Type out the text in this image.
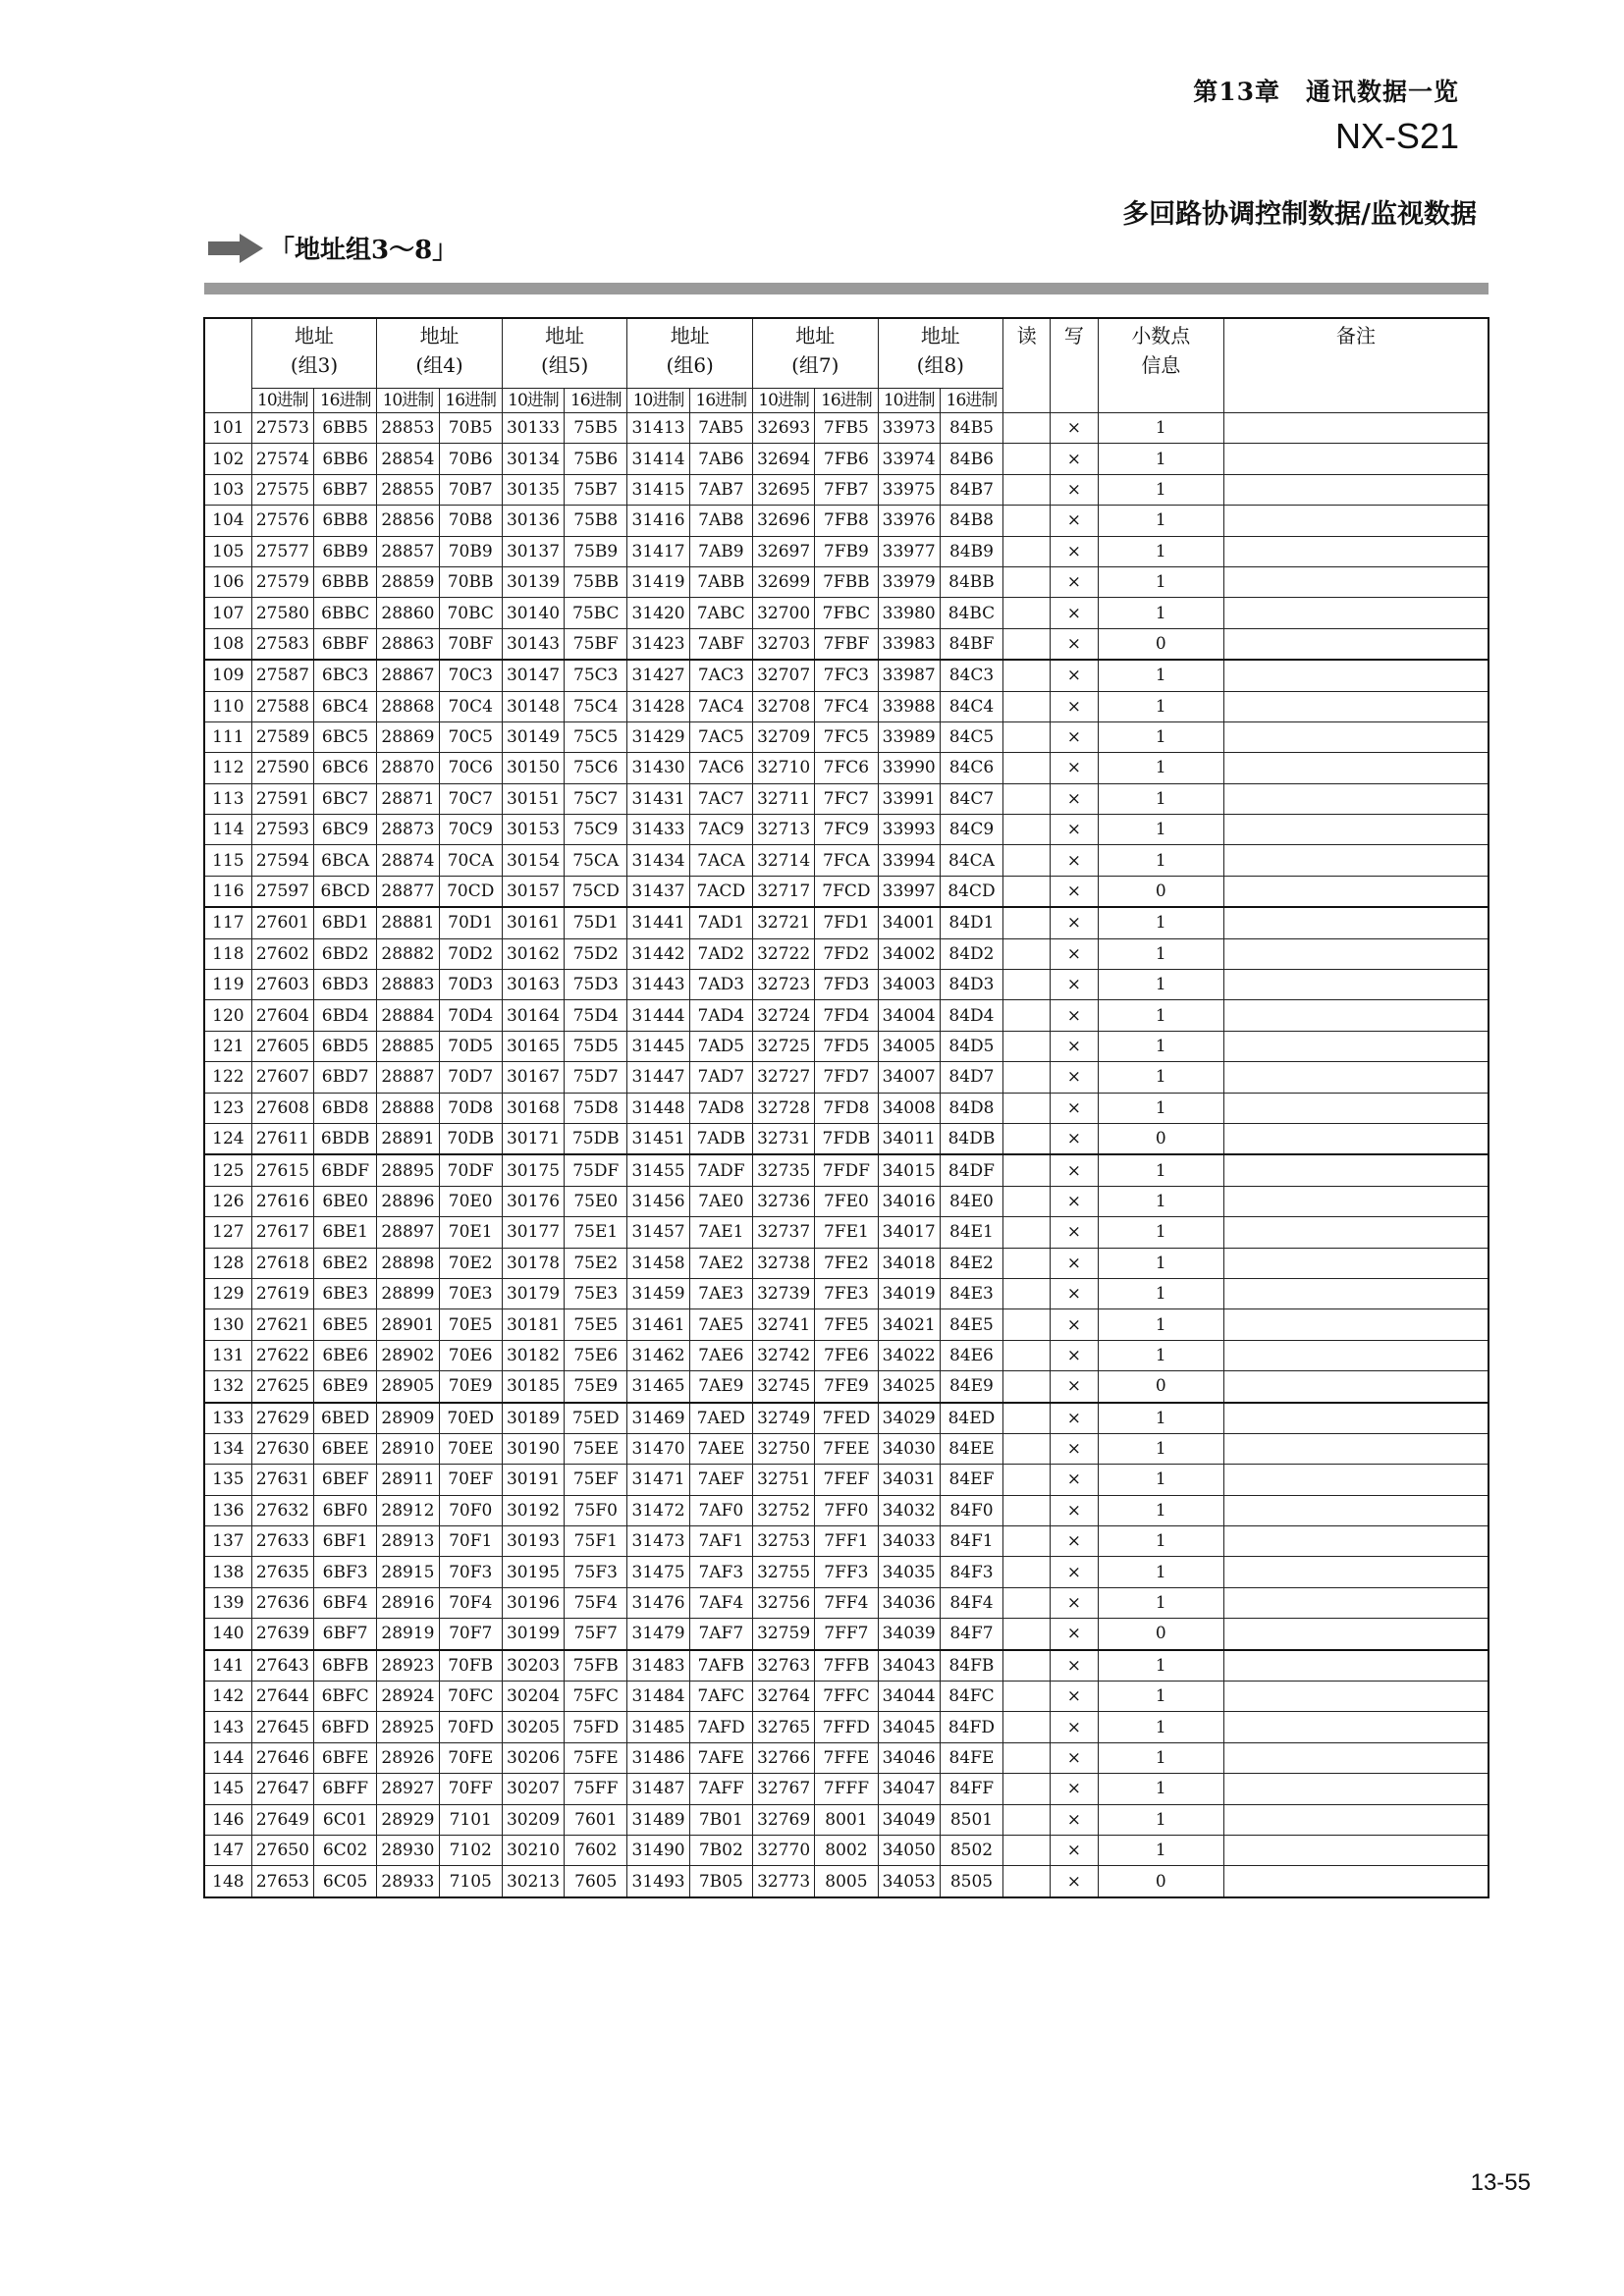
第13章　通讯数据一览
NX-S21
多回路协调控制数据/监视数据
「地址组3～8」
	地址
(组3)		地址
(组4)		地址
(组5)		地址
(组6)		地址
(组7)		地址
(组8)		读	写	小数点
信息	备注
	10进制	16进制	10进制	16进制	10进制	16进制	10进制	16进制	10进制	16进制	10进制	16进制				
101	27573	6BB5	28853	70B5	30133	75B5	31413	7AB5	32693	7FB5	33973	84B5		×	1	
102	27574	6BB6	28854	70B6	30134	75B6	31414	7AB6	32694	7FB6	33974	84B6		×	1	
103	27575	6BB7	28855	70B7	30135	75B7	31415	7AB7	32695	7FB7	33975	84B7		×	1	
104	27576	6BB8	28856	70B8	30136	75B8	31416	7AB8	32696	7FB8	33976	84B8		×	1	
105	27577	6BB9	28857	70B9	30137	75B9	31417	7AB9	32697	7FB9	33977	84B9		×	1	
106	27579	6BBB	28859	70BB	30139	75BB	31419	7ABB	32699	7FBB	33979	84BB		×	1	
107	27580	6BBC	28860	70BC	30140	75BC	31420	7ABC	32700	7FBC	33980	84BC		×	1	
108	27583	6BBF	28863	70BF	30143	75BF	31423	7ABF	32703	7FBF	33983	84BF		×	0	
109	27587	6BC3	28867	70C3	30147	75C3	31427	7AC3	32707	7FC3	33987	84C3		×	1	
110	27588	6BC4	28868	70C4	30148	75C4	31428	7AC4	32708	7FC4	33988	84C4		×	1	
111	27589	6BC5	28869	70C5	30149	75C5	31429	7AC5	32709	7FC5	33989	84C5		×	1	
112	27590	6BC6	28870	70C6	30150	75C6	31430	7AC6	32710	7FC6	33990	84C6		×	1	
113	27591	6BC7	28871	70C7	30151	75C7	31431	7AC7	32711	7FC7	33991	84C7		×	1	
114	27593	6BC9	28873	70C9	30153	75C9	31433	7AC9	32713	7FC9	33993	84C9		×	1	
115	27594	6BCA	28874	70CA	30154	75CA	31434	7ACA	32714	7FCA	33994	84CA		×	1	
116	27597	6BCD	28877	70CD	30157	75CD	31437	7ACD	32717	7FCD	33997	84CD		×	0	
117	27601	6BD1	28881	70D1	30161	75D1	31441	7AD1	32721	7FD1	34001	84D1		×	1	
118	27602	6BD2	28882	70D2	30162	75D2	31442	7AD2	32722	7FD2	34002	84D2		×	1	
119	27603	6BD3	28883	70D3	30163	75D3	31443	7AD3	32723	7FD3	34003	84D3		×	1	
120	27604	6BD4	28884	70D4	30164	75D4	31444	7AD4	32724	7FD4	34004	84D4		×	1	
121	27605	6BD5	28885	70D5	30165	75D5	31445	7AD5	32725	7FD5	34005	84D5		×	1	
122	27607	6BD7	28887	70D7	30167	75D7	31447	7AD7	32727	7FD7	34007	84D7		×	1	
123	27608	6BD8	28888	70D8	30168	75D8	31448	7AD8	32728	7FD8	34008	84D8		×	1	
124	27611	6BDB	28891	70DB	30171	75DB	31451	7ADB	32731	7FDB	34011	84DB		×	0	
125	27615	6BDF	28895	70DF	30175	75DF	31455	7ADF	32735	7FDF	34015	84DF		×	1	
126	27616	6BE0	28896	70E0	30176	75E0	31456	7AE0	32736	7FE0	34016	84E0		×	1	
127	27617	6BE1	28897	70E1	30177	75E1	31457	7AE1	32737	7FE1	34017	84E1		×	1	
128	27618	6BE2	28898	70E2	30178	75E2	31458	7AE2	32738	7FE2	34018	84E2		×	1	
129	27619	6BE3	28899	70E3	30179	75E3	31459	7AE3	32739	7FE3	34019	84E3		×	1	
130	27621	6BE5	28901	70E5	30181	75E5	31461	7AE5	32741	7FE5	34021	84E5		×	1	
131	27622	6BE6	28902	70E6	30182	75E6	31462	7AE6	32742	7FE6	34022	84E6		×	1	
132	27625	6BE9	28905	70E9	30185	75E9	31465	7AE9	32745	7FE9	34025	84E9		×	0	
133	27629	6BED	28909	70ED	30189	75ED	31469	7AED	32749	7FED	34029	84ED		×	1	
134	27630	6BEE	28910	70EE	30190	75EE	31470	7AEE	32750	7FEE	34030	84EE		×	1	
135	27631	6BEF	28911	70EF	30191	75EF	31471	7AEF	32751	7FEF	34031	84EF		×	1	
136	27632	6BF0	28912	70F0	30192	75F0	31472	7AF0	32752	7FF0	34032	84F0		×	1	
137	27633	6BF1	28913	70F1	30193	75F1	31473	7AF1	32753	7FF1	34033	84F1		×	1	
138	27635	6BF3	28915	70F3	30195	75F3	31475	7AF3	32755	7FF3	34035	84F3		×	1	
139	27636	6BF4	28916	70F4	30196	75F4	31476	7AF4	32756	7FF4	34036	84F4		×	1	
140	27639	6BF7	28919	70F7	30199	75F7	31479	7AF7	32759	7FF7	34039	84F7		×	0	
141	27643	6BFB	28923	70FB	30203	75FB	31483	7AFB	32763	7FFB	34043	84FB		×	1	
142	27644	6BFC	28924	70FC	30204	75FC	31484	7AFC	32764	7FFC	34044	84FC		×	1	
143	27645	6BFD	28925	70FD	30205	75FD	31485	7AFD	32765	7FFD	34045	84FD		×	1	
144	27646	6BFE	28926	70FE	30206	75FE	31486	7AFE	32766	7FFE	34046	84FE		×	1	
145	27647	6BFF	28927	70FF	30207	75FF	31487	7AFF	32767	7FFF	34047	84FF		×	1	
146	27649	6C01	28929	7101	30209	7601	31489	7B01	32769	8001	34049	8501		×	1	
147	27650	6C02	28930	7102	30210	7602	31490	7B02	32770	8002	34050	8502		×	1	
148	27653	6C05	28933	7105	30213	7605	31493	7B05	32773	8005	34053	8505		×	0	
13-55
